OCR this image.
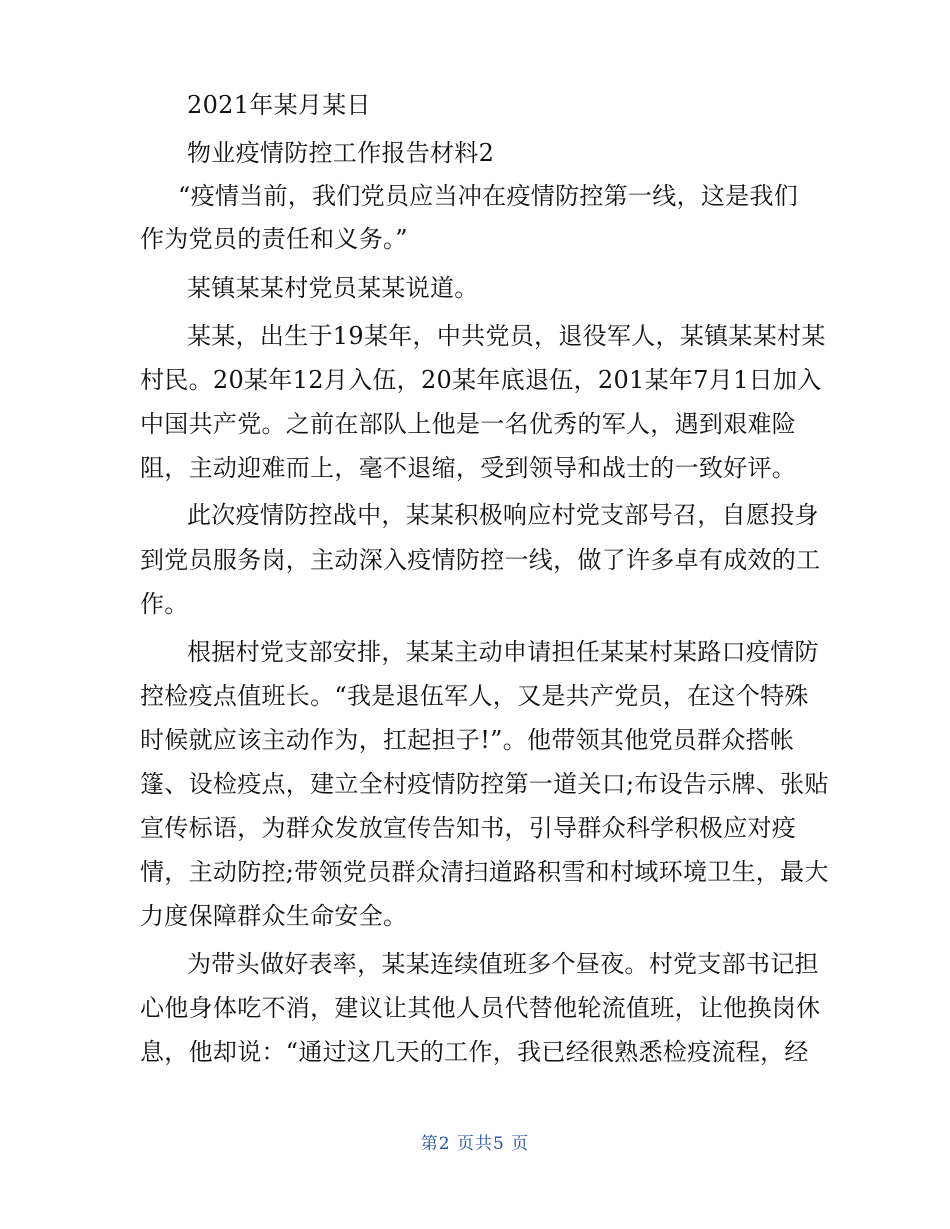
2021年某月某日
物业疫情防控工作报告材料2
“疫情当前，我们党员应当冲在疫情防控第一线，这是我们
作为党员的责任和义务。”
某镇某某村党员某某说道。
某某，出生于19某年，中共党员，退役军人，某镇某某村某
村民。20某年12月入伍，20某年底退伍，201某年7月1日加入
中国共产党。之前在部队上他是一名优秀的军人，遇到艰难险
阻，主动迎难而上，毫不退缩，受到领导和战士的一致好评。
此次疫情防控战中，某某积极响应村党支部号召，自愿投身
到党员服务岗，主动深入疫情防控一线，做了许多卓有成效的工
作。
根据村党支部安排，某某主动申请担任某某村某路口疫情防
控检疫点值班长。“我是退伍军人，又是共产党员，在这个特殊
时候就应该主动作为，扛起担子!”。他带领其他党员群众搭帐
篷、设检疫点，建立全村疫情防控第一道关口;布设告示牌、张贴
宣传标语，为群众发放宣传告知书，引导群众科学积极应对疫
情，主动防控;带领党员群众清扫道路积雪和村域环境卫生，最大
力度保障群众生命安全。
为带头做好表率，某某连续值班多个昼夜。村党支部书记担
心他身体吃不消，建议让其他人员代替他轮流值班，让他换岗休
息，他却说：“通过这几天的工作，我已经很熟悉检疫流程，经
第2 页共5 页
